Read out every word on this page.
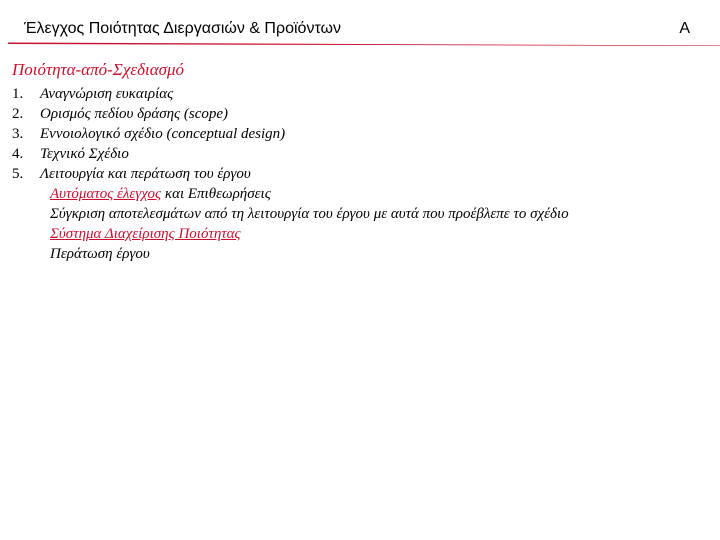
Έλεγχος Ποιότητας Διεργασιών & Προϊόντων	A
Ποιότητα-από-Σχεδιασμό
1. Αναγνώριση ευκαιρίας
2. Ορισμός πεδίου δράσης (scope)
3. Εννοιολογικό σχέδιο (conceptual design)
4. Τεχνικό Σχέδιο
5. Λειτουργία και περάτωση του έργου
Αυτόματος έλεγχος και Επιθεωρήσεις
Σύγκριση αποτελεσμάτων από τη λειτουργία του έργου με αυτά που προέβλεπε το σχέδιο
Σύστημα Διαχείρισης Ποιότητας
Περάτωση έργου
